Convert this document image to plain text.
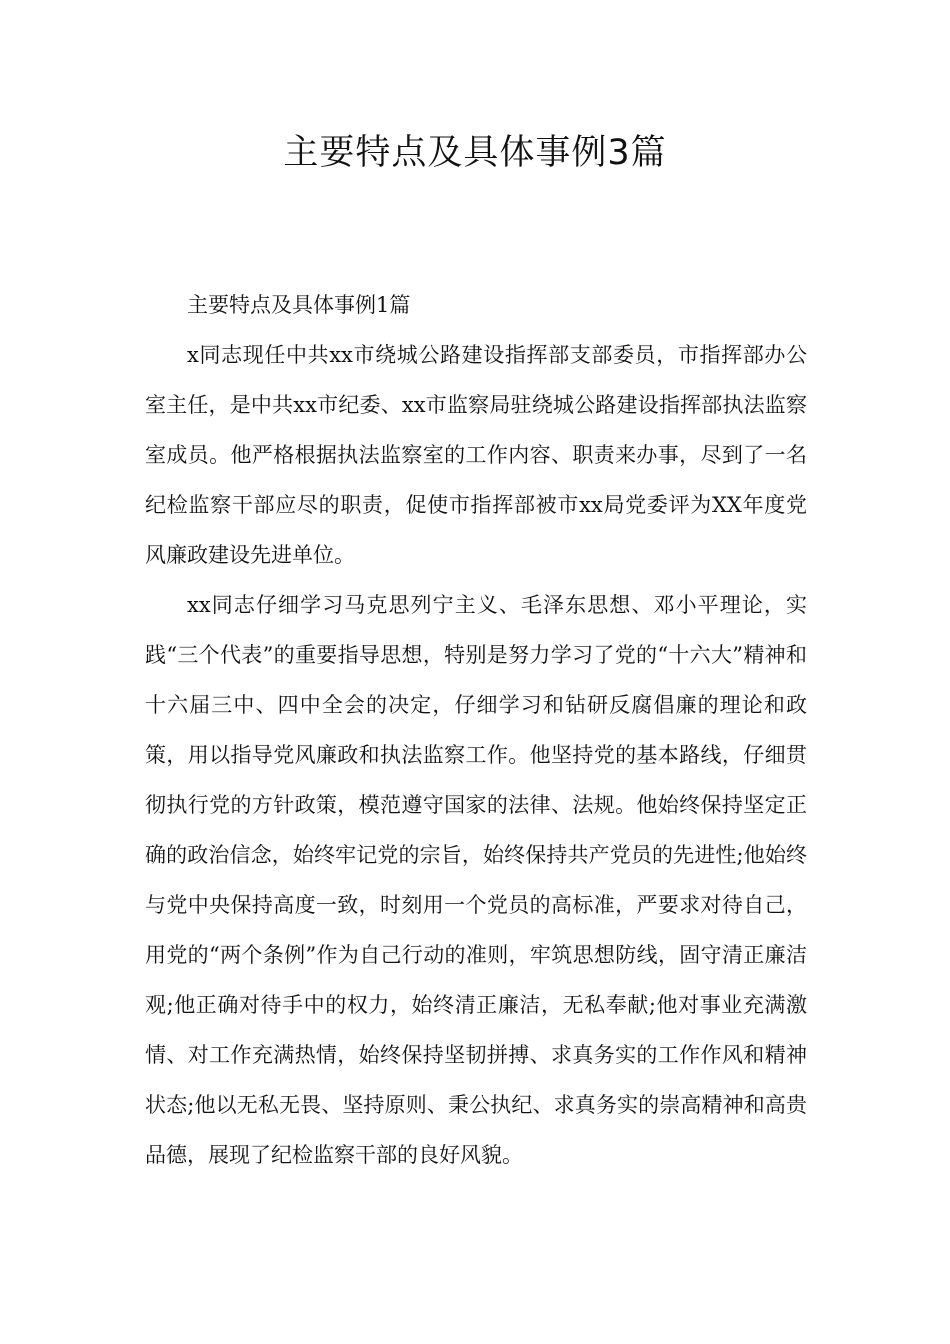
主要特点及具体事例3篇

主要特点及具体事例1篇

x同志现任中共xx市绕城公路建设指挥部支部委员，市指挥部办公室主任，是中共xx市纪委、xx市监察局驻绕城公路建设指挥部执法监察室成员。他严格根据执法监察室的工作内容、职责来办事，尽到了一名纪检监察干部应尽的职责，促使市指挥部被市xx局党委评为XX年度党风廉政建设先进单位。

xx同志仔细学习马克思列宁主义、毛泽东思想、邓小平理论，实践“三个代表”的重要指导思想，特别是努力学习了党的“十六大”精神和十六届三中、四中全会的决定，仔细学习和钻研反腐倡廉的理论和政策，用以指导党风廉政和执法监察工作。他坚持党的基本路线，仔细贯彻执行党的方针政策，模范遵守国家的法律、法规。他始终保持坚定正确的政治信念，始终牢记党的宗旨，始终保持共产党员的先进性;他始终与党中央保持高度一致，时刻用一个党员的高标准，严要求对待自己，用党的“两个条例”作为自己行动的准则，牢筑思想防线，固守清正廉洁观;他正确对待手中的权力，始终清正廉洁，无私奉献;他对事业充满激情、对工作充满热情，始终保持坚韧拼搏、求真务实的工作作风和精神状态;他以无私无畏、坚持原则、秉公执纪、求真务实的崇高精神和高贵品德，展现了纪检监察干部的良好风貌。
